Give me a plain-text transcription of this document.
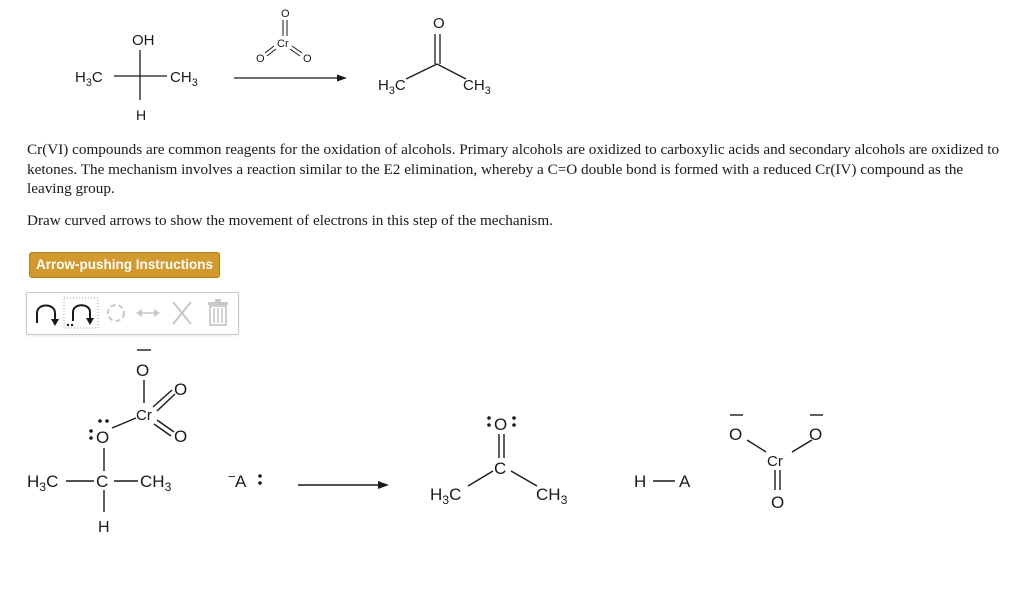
OH
$H_3C$	$CH_3$
H
O
Cr
O	O
O
$H_3C$	$CH_3$

Cr(VI) compounds are common reagents for the oxidation of alcohols. Primary alcohols are oxidized to carboxylic acids and secondary alcohols are oxidized to ketones. The mechanism involves a reaction similar to the E2 elimination, whereby a C=O double bond is formed with a reduced Cr(IV) compound as the leaving group.

Draw curved arrows to show the movement of electrons in this step of the mechanism.

Arrow-pushing Instructions
O
Cr
O
O
O
C
$H_3C$	$CH_3$
H
− A
O
C
$H_3C$	$CH_3$
H A
O	O
Cr
O
